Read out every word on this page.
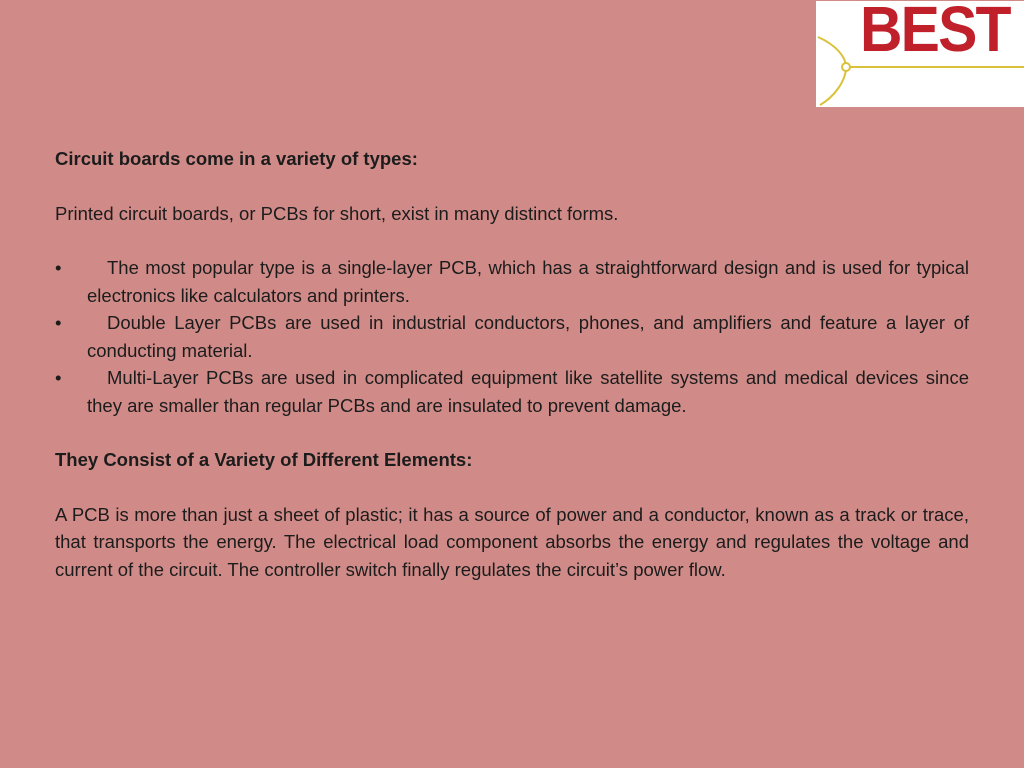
BEST

Circuit boards come in a variety of types:

Printed circuit boards, or PCBs for short, exist in many distinct forms.

• The most popular type is a single-layer PCB, which has a straightforward design and is used for typical electronics like calculators and printers.
• Double Layer PCBs are used in industrial conductors, phones, and amplifiers and feature a layer of conducting material.
• Multi-Layer PCBs are used in complicated equipment like satellite systems and medical devices since they are smaller than regular PCBs and are insulated to prevent damage.

They Consist of a Variety of Different Elements:

A PCB is more than just a sheet of plastic; it has a source of power and a conductor, known as a track or trace, that transports the energy. The electrical load component absorbs the energy and regulates the voltage and current of the circuit. The controller switch finally regulates the circuit’s power flow.
